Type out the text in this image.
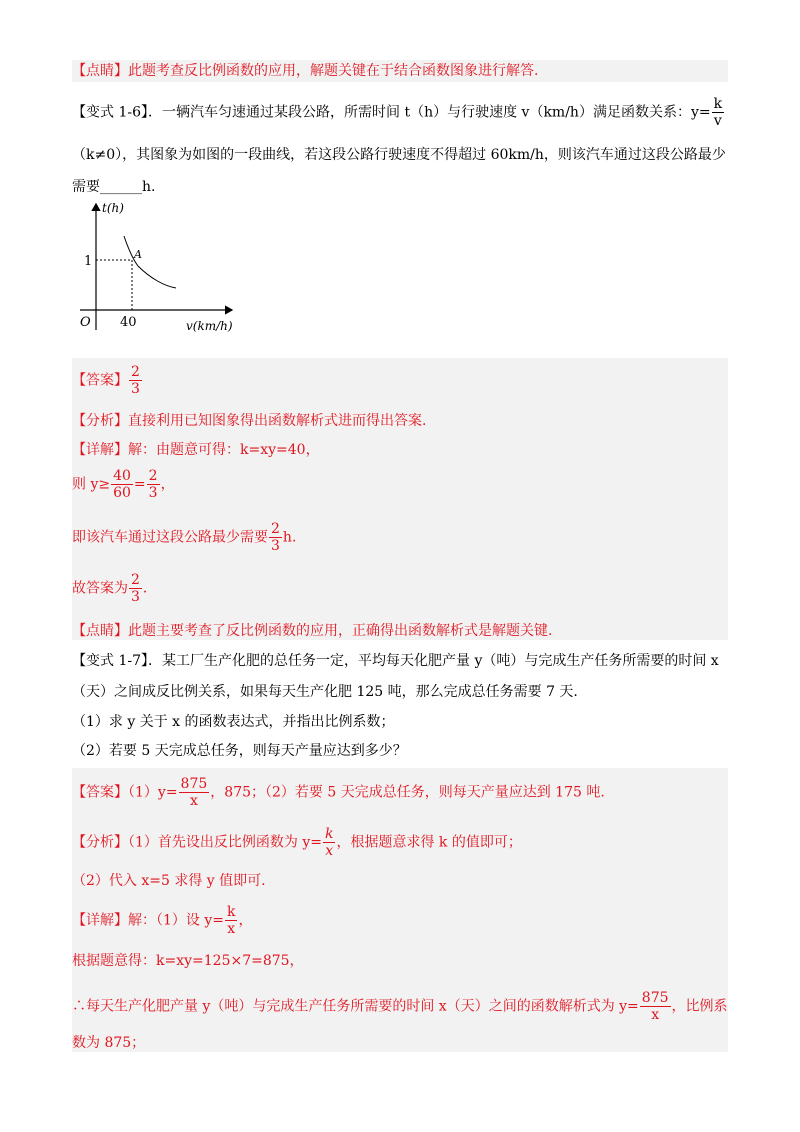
【点睛】此题考查反比例函数的应用，解题关键在于结合函数图象进行解答.
【变式 1-6】．一辆汽车匀速通过某段公路，所需时间 t（h）与行驶速度 v（km/h）满足函数关系：$y= \frac{k}{v}$
（k≠0），其图象为如图的一段曲线，若这段公路行驶速度不得超过 60km/h，则该汽车通过这段公路最少
需要______h.
t(h)
v(km/h)
O
1
40
A
【答案】 $\frac{2}{3}$
【分析】直接利用已知图象得出函数解析式进而得出答案.
【详解】解：由题意可得：k=xy=40，
则 $y\ge \frac{40}{60} = \frac{2}{3}$ ，
即该汽车通过这段公路最少需要 $\frac{2}{3} h$.
故答案为 $\frac{2}{3}$ ．
【点睛】此题主要考查了反比例函数的应用，正确得出函数解析式是解题关键.
【变式 1-7】．某工厂生产化肥的总任务一定，平均每天化肥产量 y（吨）与完成生产任务所需要的时间 x
（天）之间成反比例关系，如果每天生产化肥 125 吨，那么完成总任务需要 7 天.
（1）求 y 关于 x 的函数表达式，并指出比例系数；
（2）若要 5 天完成总任务，则每天产量应达到多少？
【答案】$(1)y= \frac{875}{x}$ ，875；（2）若要 5 天完成总任务，则每天产量应达到 175 吨.
【分析】（1）首先设出反比例函数为 $y= \frac{k}{x}$ ，根据题意求得 k 的值即可；
（2）代入 x=5 求得 y 值即可.
【详解】解：（1）设 $y= \frac{k}{x}$ ，
根据题意得：k=xy=125×7=875，
∴每天生产化肥产量 y（吨）与完成生产任务所需要的时间 x（天）之间的函数解析式为 $y= \frac{875}{x}$ ，比例系
数为 875；
